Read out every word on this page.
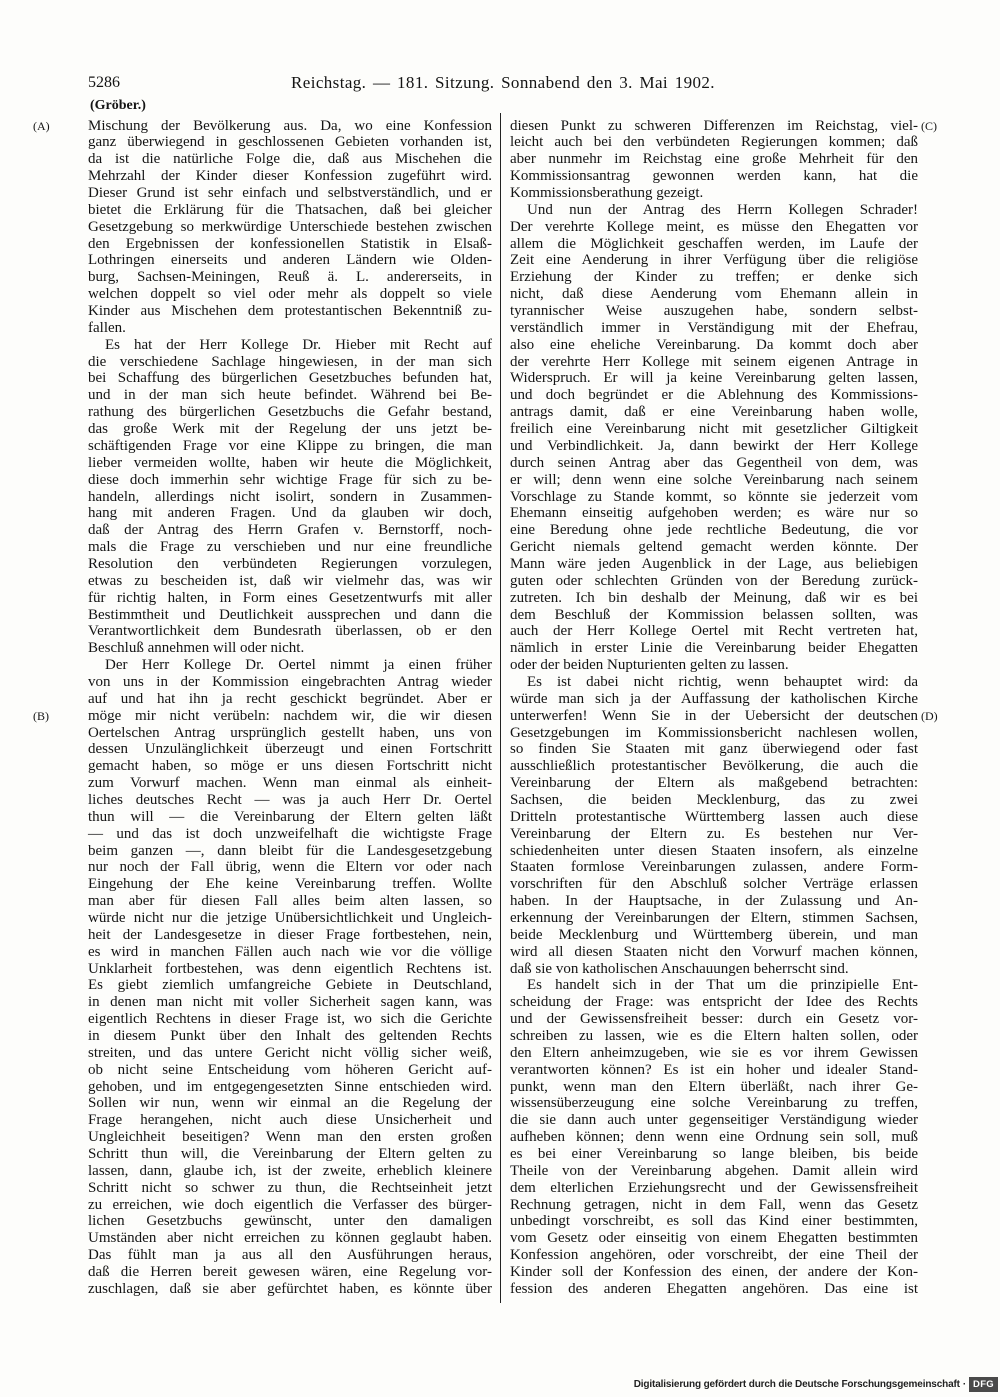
5286	Reichstag. — 181. Sitzung. Sonnabend den 3. Mai 1902.
(Gröber.)
Mischung der Bevölkerung aus. Da, wo eine Konfession
ganz überwiegend in geschlossenen Gebieten vorhanden ist,
da ist die natürliche Folge die, daß aus Mischehen die
Mehrzahl der Kinder dieser Konfession zugeführt wird.
Dieser Grund ist sehr einfach und selbstverständlich, und er
bietet die Erklärung für die Thatsachen, daß bei gleicher
Gesetzgebung so merkwürdige Unterschiede bestehen zwischen
den Ergebnissen der konfessionellen Statistik in Elsaß-
Lothringen einerseits und anderen Ländern wie Olden-
burg, Sachsen-Meiningen, Reuß ä. L. andererseits, in
welchen doppelt so viel oder mehr als doppelt so viele
Kinder aus Mischehen dem protestantischen Bekenntniß zu-
fallen.
Es hat der Herr Kollege Dr. Hieber mit Recht auf
die verschiedene Sachlage hingewiesen, in der man sich
bei Schaffung des bürgerlichen Gesetzbuches befunden hat,
und in der man sich heute befindet. Während bei Be-
rathung des bürgerlichen Gesetzbuchs die Gefahr bestand,
das große Werk mit der Regelung der uns jetzt be-
schäftigenden Frage vor eine Klippe zu bringen, die man
lieber vermeiden wollte, haben wir heute die Möglichkeit,
diese doch immerhin sehr wichtige Frage für sich zu be-
handeln, allerdings nicht isolirt, sondern in Zusammen-
hang mit anderen Fragen. Und da glauben wir doch,
daß der Antrag des Herrn Grafen v. Bernstorff, noch-
mals die Frage zu verschieben und nur eine freundliche
Resolution den verbündeten Regierungen vorzulegen,
etwas zu bescheiden ist, daß wir vielmehr das, was wir
für richtig halten, in Form eines Gesetzentwurfs mit aller
Bestimmtheit und Deutlichkeit aussprechen und dann die
Verantwortlichkeit dem Bundesrath überlassen, ob er den
Beschluß annehmen will oder nicht.
Der Herr Kollege Dr. Oertel nimmt ja einen früher
von uns in der Kommission eingebrachten Antrag wieder
auf und hat ihn ja recht geschickt begründet. Aber er
möge mir nicht verübeln: nachdem wir, die wir diesen
Oertelschen Antrag ursprünglich gestellt haben, uns von
dessen Unzulänglichkeit überzeugt und einen Fortschritt
gemacht haben, so möge er uns diesen Fortschritt nicht
zum Vorwurf machen. Wenn man einmal als einheit-
liches deutsches Recht — was ja auch Herr Dr. Oertel
thun will — die Vereinbarung der Eltern gelten läßt
— und das ist doch unzweifelhaft die wichtigste Frage
beim ganzen —, dann bleibt für die Landesgesetzgebung
nur noch der Fall übrig, wenn die Eltern vor oder nach
Eingehung der Ehe keine Vereinbarung treffen. Wollte
man aber für diesen Fall alles beim alten lassen, so
würde nicht nur die jetzige Unübersichtlichkeit und Ungleich-
heit der Landesgesetze in dieser Frage fortbestehen, nein,
es wird in manchen Fällen auch nach wie vor die völlige
Unklarheit fortbestehen, was denn eigentlich Rechtens ist.
Es giebt ziemlich umfangreiche Gebiete in Deutschland,
in denen man nicht mit voller Sicherheit sagen kann, was
eigentlich Rechtens in dieser Frage ist, wo sich die Gerichte
in diesem Punkt über den Inhalt des geltenden Rechts
streiten, und das untere Gericht nicht völlig sicher weiß,
ob nicht seine Entscheidung vom höheren Gericht auf-
gehoben, und im entgegengesetzten Sinne entschieden wird.
Sollen wir nun, wenn wir einmal an die Regelung der
Frage herangehen, nicht auch diese Unsicherheit und
Ungleichheit beseitigen? Wenn man den ersten großen
Schritt thun will, die Vereinbarung der Eltern gelten zu
lassen, dann, glaube ich, ist der zweite, erheblich kleinere
Schritt nicht so schwer zu thun, die Rechtseinheit jetzt
zu erreichen, wie doch eigentlich die Verfasser des bürger-
lichen Gesetzbuchs gewünscht, unter den damaligen
Umständen aber nicht erreichen zu können geglaubt haben.
Das fühlt man ja aus all den Ausführungen heraus,
daß die Herren bereit gewesen wären, eine Regelung vor-
zuschlagen, daß sie aber gefürchtet haben, es könnte über
diesen Punkt zu schweren Differenzen im Reichstag, viel-
leicht auch bei den verbündeten Regierungen kommen; daß
aber nunmehr im Reichstag eine große Mehrheit für den
Kommissionsantrag gewonnen werden kann, hat die
Kommissionsberathung gezeigt.
Und nun der Antrag des Herrn Kollegen Schrader!
Der verehrte Kollege meint, es müsse den Ehegatten vor
allem die Möglichkeit geschaffen werden, im Laufe der
Zeit eine Aenderung in ihrer Verfügung über die religiöse
Erziehung der Kinder zu treffen; er denke sich
nicht, daß diese Aenderung vom Ehemann allein in
tyrannischer Weise auszugehen habe, sondern selbst-
verständlich immer in Verständigung mit der Ehefrau,
also eine eheliche Vereinbarung. Da kommt doch aber
der verehrte Herr Kollege mit seinem eigenen Antrage in
Widerspruch. Er will ja keine Vereinbarung gelten lassen,
und doch begründet er die Ablehnung des Kommissions-
antrags damit, daß er eine Vereinbarung haben wolle,
freilich eine Vereinbarung nicht mit gesetzlicher Giltigkeit
und Verbindlichkeit. Ja, dann bewirkt der Herr Kollege
durch seinen Antrag aber das Gegentheil von dem, was
er will; denn wenn eine solche Vereinbarung nach seinem
Vorschlage zu Stande kommt, so könnte sie jederzeit vom
Ehemann einseitig aufgehoben werden; es wäre nur so
eine Beredung ohne jede rechtliche Bedeutung, die vor
Gericht niemals geltend gemacht werden könnte. Der
Mann wäre jeden Augenblick in der Lage, aus beliebigen
guten oder schlechten Gründen von der Beredung zurück-
zutreten. Ich bin deshalb der Meinung, daß wir es bei
dem Beschluß der Kommission belassen sollten, was
auch der Herr Kollege Oertel mit Recht vertreten hat,
nämlich in erster Linie die Vereinbarung beider Ehegatten
oder der beiden Nupturienten gelten zu lassen.
Es ist dabei nicht richtig, wenn behauptet wird: da
würde man sich ja der Auffassung der katholischen Kirche
unterwerfen! Wenn Sie in der Uebersicht der deutschen
Gesetzgebungen im Kommissionsbericht nachlesen wollen,
so finden Sie Staaten mit ganz überwiegend oder fast
ausschließlich protestantischer Bevölkerung, die auch die
Vereinbarung der Eltern als maßgebend betrachten:
Sachsen, die beiden Mecklenburg, das zu zwei
Dritteln protestantische Württemberg lassen auch diese
Vereinbarung der Eltern zu. Es bestehen nur Ver-
schiedenheiten unter diesen Staaten insofern, als einzelne
Staaten formlose Vereinbarungen zulassen, andere Form-
vorschriften für den Abschluß solcher Verträge erlassen
haben. In der Hauptsache, in der Zulassung und An-
erkennung der Vereinbarungen der Eltern, stimmen Sachsen,
beide Mecklenburg und Württemberg überein, und man
wird all diesen Staaten nicht den Vorwurf machen können,
daß sie von katholischen Anschauungen beherrscht sind.
Es handelt sich in der That um die prinzipielle Ent-
scheidung der Frage: was entspricht der Idee des Rechts
und der Gewissensfreiheit besser: durch ein Gesetz vor-
schreiben zu lassen, wie es die Eltern halten sollen, oder
den Eltern anheimzugeben, wie sie es vor ihrem Gewissen
verantworten können? Es ist ein hoher und idealer Stand-
punkt, wenn man den Eltern überläßt, nach ihrer Ge-
wissensüberzeugung eine solche Vereinbarung zu treffen,
die sie dann auch unter gegenseitiger Verständigung wieder
aufheben können; denn wenn eine Ordnung sein soll, muß
es bei einer Vereinbarung so lange bleiben, bis beide
Theile von der Vereinbarung abgehen. Damit allein wird
dem elterlichen Erziehungsrecht und der Gewissensfreiheit
Rechnung getragen, nicht in dem Fall, wenn das Gesetz
unbedingt vorschreibt, es soll das Kind einer bestimmten,
vom Gesetz oder einseitig von einem Ehegatten bestimmten
Konfession angehören, oder vorschreibt, der eine Theil der
Kinder soll der Konfession des einen, der andere der Kon-
fession des anderen Ehegatten angehören. Das eine ist
(A)
(B)
(C)
(D)
Digitalisierung gefördert durch die Deutsche Forschungsgemeinschaft · DFG
